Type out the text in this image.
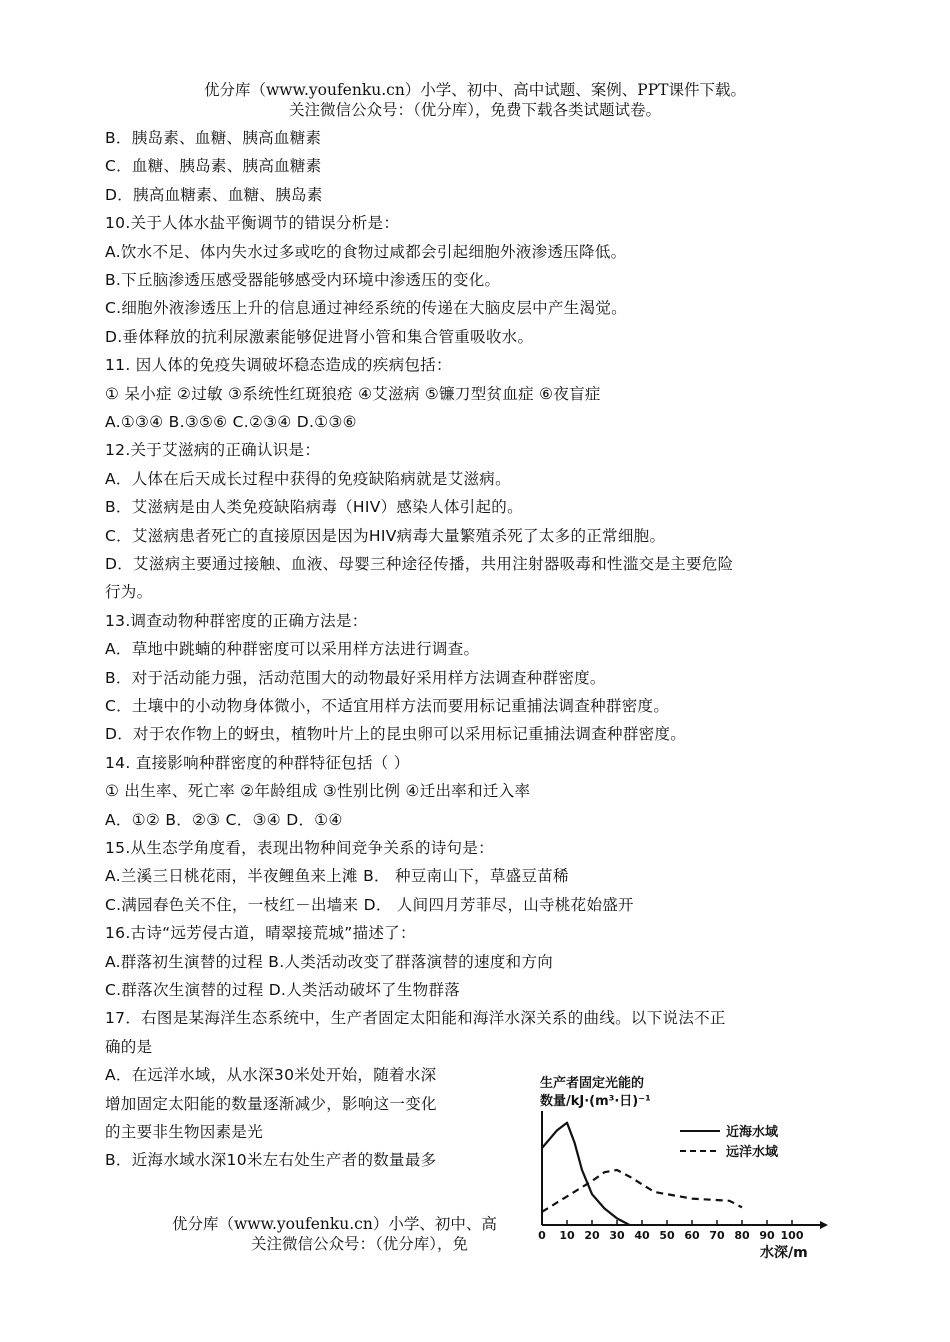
优分库（www.youfenku.cn）小学、初中、高中试题、案例、PPT课件下载。
关注微信公众号：（优分库），免费下载各类试题试卷。
B．胰岛素、血糖、胰高血糖素
C．血糖、胰岛素、胰高血糖素
D．胰高血糖素、血糖、胰岛素
10.关于人体水盐平衡调节的错误分析是：
A.饮水不足、体内失水过多或吃的食物过咸都会引起细胞外液渗透压降低。
B.下丘脑渗透压感受器能够感受内环境中渗透压的变化。
C.细胞外液渗透压上升的信息通过神经系统的传递在大脑皮层中产生渴觉。
D.垂体释放的抗利尿激素能够促进肾小管和集合管重吸收水。
11. 因人体的免疫失调破坏稳态造成的疾病包括：
① 呆小症 ②过敏 ③系统性红斑狼疮 ④艾滋病 ⑤镰刀型贫血症 ⑥夜盲症
A.①③④ B.③⑤⑥ C.②③④ D.①③⑥
12.关于艾滋病的正确认识是：
A．人体在后天成长过程中获得的免疫缺陷病就是艾滋病。
B．艾滋病是由人类免疫缺陷病毒（HIV）感染人体引起的。
C．艾滋病患者死亡的直接原因是因为HIV病毒大量繁殖杀死了太多的正常细胞。
D．艾滋病主要通过接触、血液、母婴三种途径传播，共用注射器吸毒和性滥交是主要危险
行为。
13.调查动物种群密度的正确方法是：
A．草地中跳蝻的种群密度可以采用样方法进行调查。
B．对于活动能力强，活动范围大的动物最好采用样方法调查种群密度。
C．土壤中的小动物身体微小，不适宜用样方法而要用标记重捕法调查种群密度。
D．对于农作物上的蚜虫，植物叶片上的昆虫卵可以采用标记重捕法调查种群密度。
14. 直接影响种群密度的种群特征包括（ ）
① 出生率、死亡率 ②年龄组成 ③性别比例 ④迁出率和迁入率
A．①② B．②③ C．③④ D．①④
15.从生态学角度看，表现出物种间竞争关系的诗句是：
A.兰溪三日桃花雨，半夜鲤鱼来上滩 B． 种豆南山下，草盛豆苗稀
C.满园春色关不住，一枝红－出墙来 D． 人间四月芳菲尽，山寺桃花始盛开
16.古诗“远芳侵古道，晴翠接荒城”描述了：
A.群落初生演替的过程 B.人类活动改变了群落演替的速度和方向
C.群落次生演替的过程 D.人类活动破坏了生物群落
17．右图是某海洋生态系统中，生产者固定太阳能和海洋水深关系的曲线。以下说法不正
确的是
A．在远洋水域，从水深30米处开始，随着水深
增加固定太阳能的数量逐渐减少，影响这一变化
的主要非生物因素是光
B．近海水域水深10米左右处生产者的数量最多
生产者固定光能的
数量/kJ·(m³·日)⁻¹
0 10 20 30 40 50 60 70 80 90 100
近海水域
远洋水域
水深/m
优分库（www.youfenku.cn）小学、初中、高
关注微信公众号：（优分库），免
